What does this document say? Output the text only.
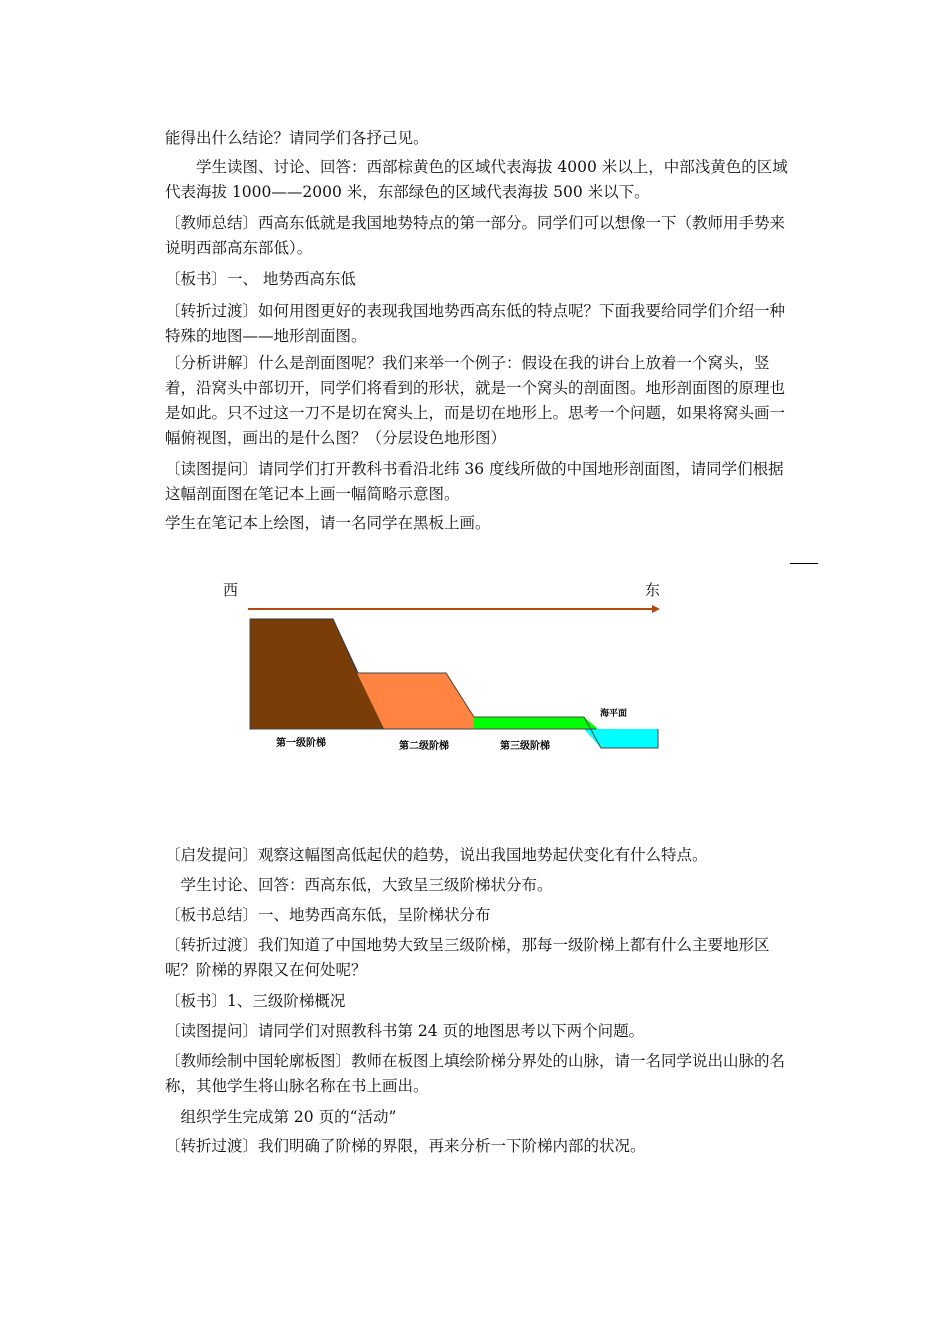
能得出什么结论？请同学们各抒己见。

　　学生读图、讨论、回答：西部棕黄色的区域代表海拔 4000 米以上，中部浅黄色的区域代表海拔 1000——2000 米，东部绿色的区域代表海拔 500 米以下。

〔教师总结〕西高东低就是我国地势特点的第一部分。同学们可以想像一下（教师用手势来说明西部高东部低）。

〔板书〕一、 地势西高东低

〔转折过渡〕如何用图更好的表现我国地势西高东低的特点呢？下面我要给同学们介绍一种特殊的地图——地形剖面图。

〔分析讲解〕什么是剖面图呢？我们来举一个例子：假设在我的讲台上放着一个窝头，竖着，沿窝头中部切开，同学们将看到的形状，就是一个窝头的剖面图。地形剖面图的原理也是如此。只不过这一刀不是切在窝头上，而是切在地形上。思考一个问题，如果将窝头画一幅俯视图，画出的是什么图？（分层设色地形图）

〔读图提问〕请同学们打开教科书看沿北纬 36 度线所做的中国地形剖面图，请同学们根据这幅剖面图在笔记本上画一幅简略示意图。

学生在笔记本上绘图，请一名同学在黑板上画。
西	东
第一级阶梯	第二级阶梯	第三级阶梯
海平面
〔启发提问〕观察这幅图高低起伏的趋势，说出我国地势起伏变化有什么特点。
　学生讨论、回答：西高东低，大致呈三级阶梯状分布。
〔板书总结〕一、地势西高东低，呈阶梯状分布

〔转折过渡〕我们知道了中国地势大致呈三级阶梯，那每一级阶梯上都有什么主要地形区呢？阶梯的界限又在何处呢？

〔板书〕1、三级阶梯概况
〔读图提问〕请同学们对照教科书第 24 页的地图思考以下两个问题。

〔教师绘制中国轮廓板图〕教师在板图上填绘阶梯分界处的山脉，请一名同学说出山脉的名称，其他学生将山脉名称在书上画出。

　组织学生完成第 20 页的“活动”
〔转折过渡〕我们明确了阶梯的界限，再来分析一下阶梯内部的状况。
